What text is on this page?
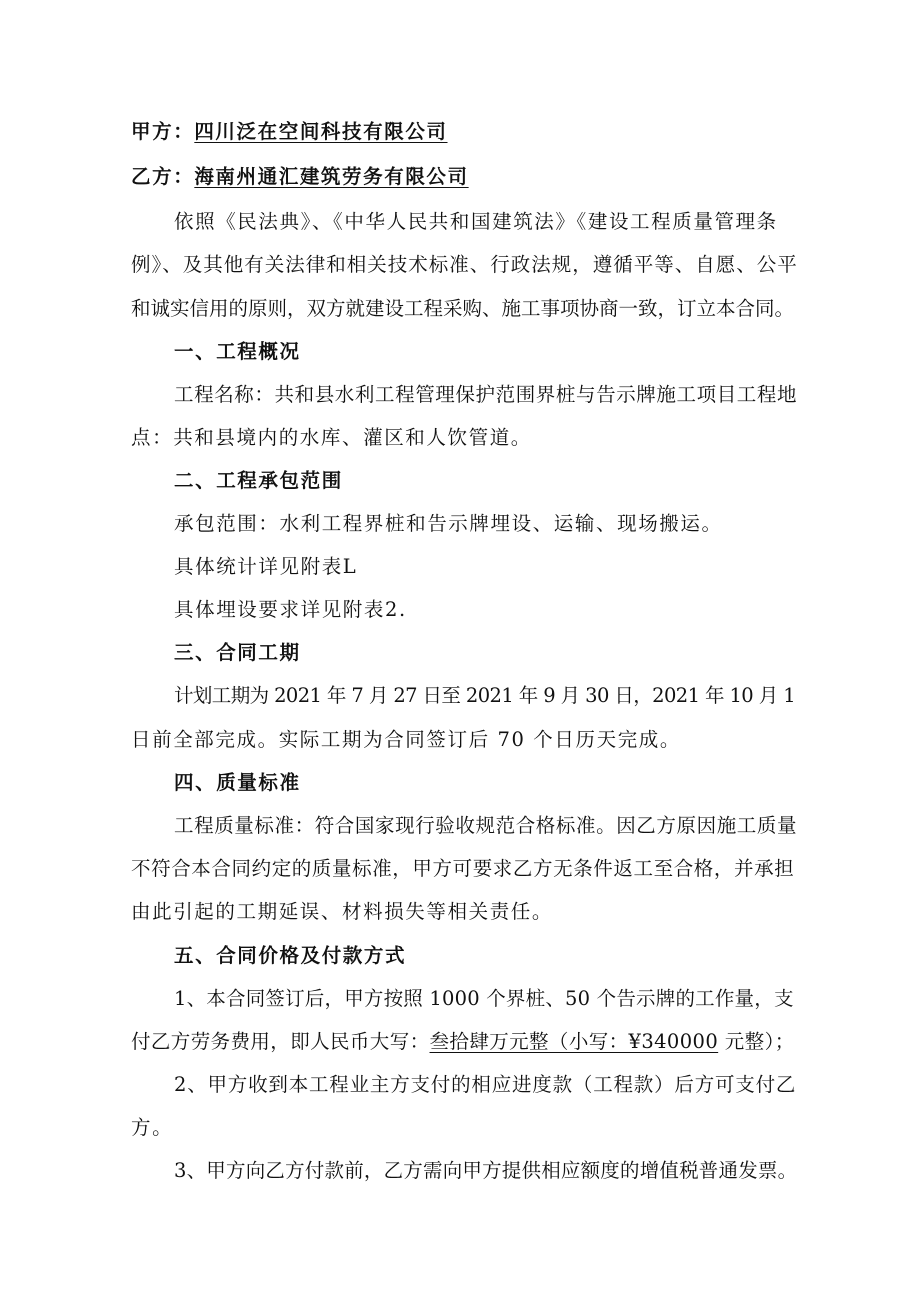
甲方：四川泛在空间科技有限公司
乙方：海南州通汇建筑劳务有限公司
依照《民法典》、《中华人民共和国建筑法》《建设工程质量管理条
例》、及其他有关法律和相关技术标准、行政法规，遵循平等、自愿、公平
和诚实信用的原则，双方就建设工程采购、施工事项协商一致，订立本合同。
一、工程概况
工程名称：共和县水利工程管理保护范围界桩与告示牌施工项目工程地
点：共和县境内的水库、灌区和人饮管道。
二、工程承包范围
承包范围：水利工程界桩和告示牌埋设、运输、现场搬运。
具体统计详见附表L
具体埋设要求详见附表2.
三、合同工期
计划工期为 2021 年 7 月 27 日至 2021 年 9 月 30 日，2021 年 10 月 1
日前全部完成。实际工期为合同签订后 70 个日历天完成。
四、质量标准
工程质量标准：符合国家现行验收规范合格标准。因乙方原因施工质量
不符合本合同约定的质量标准，甲方可要求乙方无条件返工至合格，并承担
由此引起的工期延误、材料损失等相关责任。
五、合同价格及付款方式
1、本合同签订后，甲方按照 1000 个界桩、50 个告示牌的工作量，支
付乙方劳务费用，即人民币大写：叁拾肆万元整（小写：¥340000 元整）；
2、甲方收到本工程业主方支付的相应进度款（工程款）后方可支付乙
方。
3、甲方向乙方付款前，乙方需向甲方提供相应额度的增值税普通发票。
